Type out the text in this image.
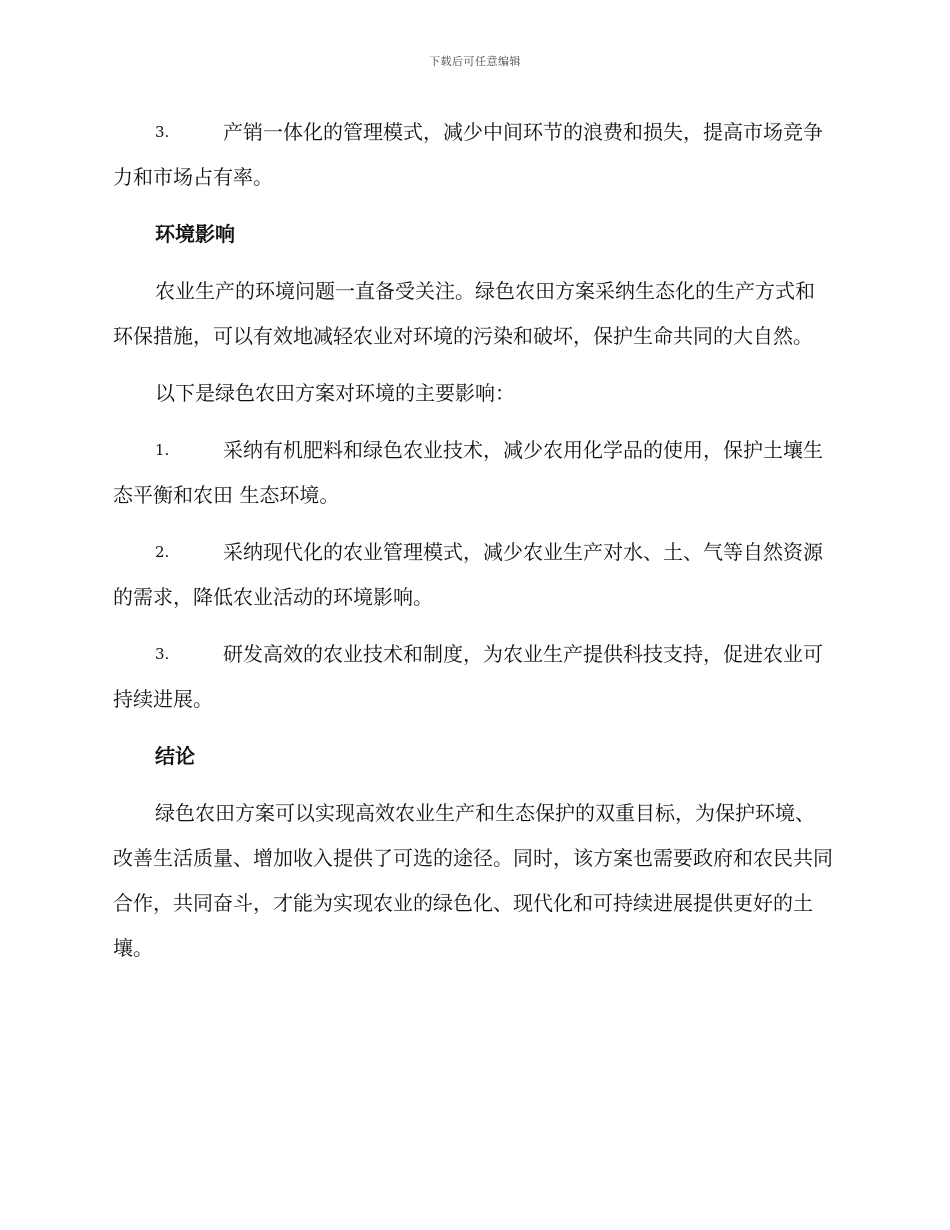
下载后可任意编辑

3.	产销一体化的管理模式，减少中间环节的浪费和损失，提高市场竞争力和市场占有率。

环境影响

农业生产的环境问题一直备受关注。绿色农田方案采纳生态化的生产方式和环保措施，可以有效地减轻农业对环境的污染和破坏，保护生命共同的大自然。

以下是绿色农田方案对环境的主要影响：

1.	采纳有机肥料和绿色农业技术，减少农用化学品的使用，保护土壤生态平衡和农田 生态环境。

2.	采纳现代化的农业管理模式，减少农业生产对水、土、气等自然资源的需求，降低农业活动的环境影响。

3.	研发高效的农业技术和制度，为农业生产提供科技支持，促进农业可持续进展。

结论

绿色农田方案可以实现高效农业生产和生态保护的双重目标，为保护环境、改善生活质量、增加收入提供了可选的途径。同时，该方案也需要政府和农民共同合作，共同奋斗，才能为实现农业的绿色化、现代化和可持续进展提供更好的土壤。
